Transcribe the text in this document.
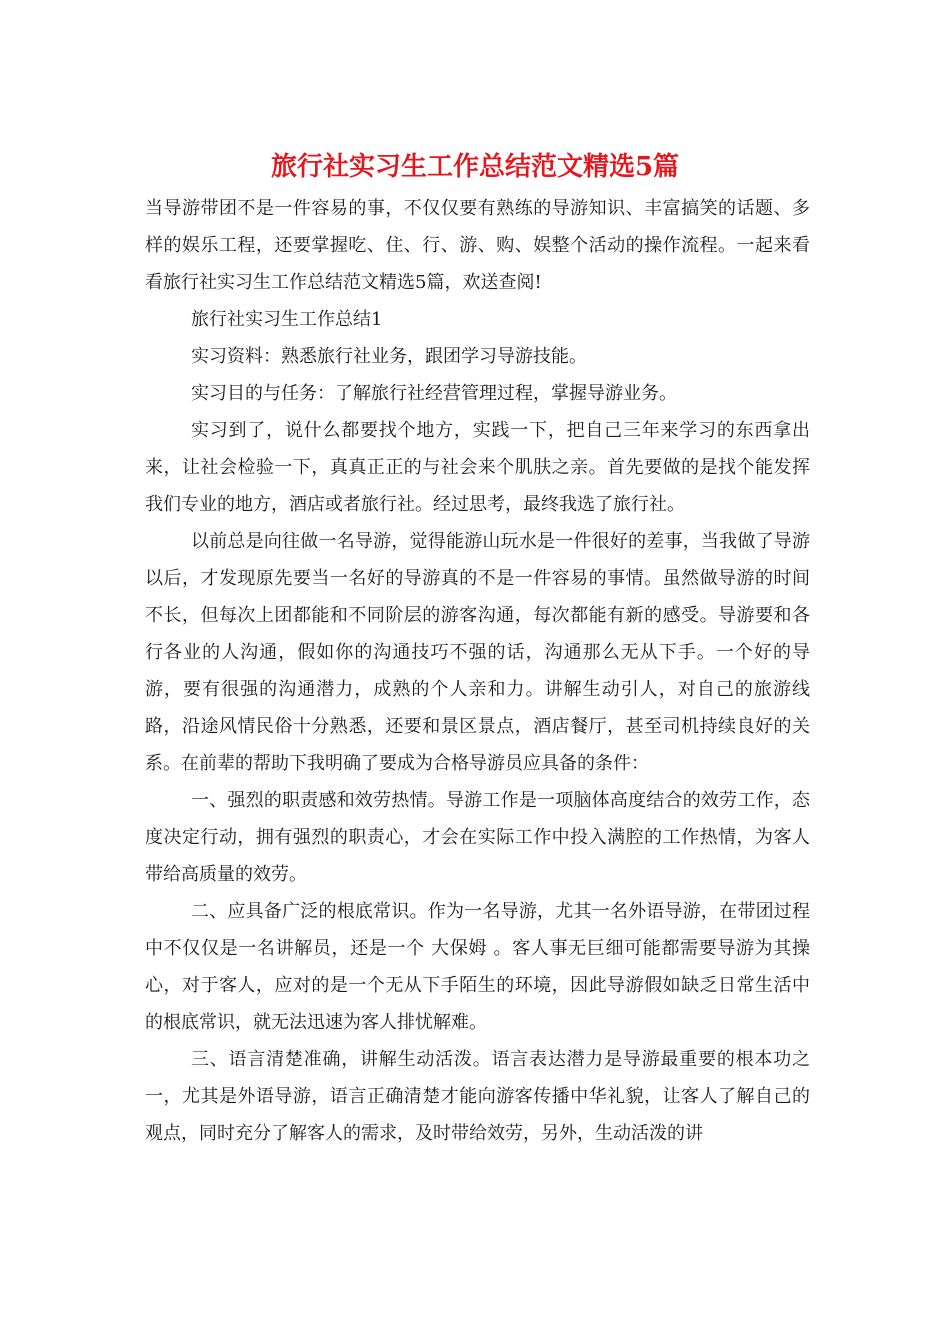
旅行社实习生工作总结范文精选5篇

当导游带团不是一件容易的事，不仅仅要有熟练的导游知识、丰富搞笑的话题、多样的娱乐工程，还要掌握吃、住、行、游、购、娱整个活动的操作流程。一起来看看旅行社实习生工作总结范文精选5篇，欢送查阅!

旅行社实习生工作总结1

实习资料：熟悉旅行社业务，跟团学习导游技能。

实习目的与任务：了解旅行社经营管理过程，掌握导游业务。

实习到了，说什么都要找个地方，实践一下，把自己三年来学习的东西拿出来，让社会检验一下，真真正正的与社会来个肌肤之亲。首先要做的是找个能发挥我们专业的地方，酒店或者旅行社。经过思考，最终我选了旅行社。

以前总是向往做一名导游，觉得能游山玩水是一件很好的差事，当我做了导游以后，才发现原先要当一名好的导游真的不是一件容易的事情。虽然做导游的时间不长，但每次上团都能和不同阶层的游客沟通，每次都能有新的感受。导游要和各行各业的人沟通，假如你的沟通技巧不强的话，沟通那么无从下手。一个好的导游，要有很强的沟通潜力，成熟的个人亲和力。讲解生动引人，对自己的旅游线路，沿途风情民俗十分熟悉，还要和景区景点，酒店餐厅，甚至司机持续良好的关系。在前辈的帮助下我明确了要成为合格导游员应具备的条件：

一、强烈的职责感和效劳热情。导游工作是一项脑体高度结合的效劳工作，态度决定行动，拥有强烈的职责心，才会在实际工作中投入满腔的工作热情，为客人带给高质量的效劳。

二、应具备广泛的根底常识。作为一名导游，尤其一名外语导游，在带团过程中不仅仅是一名讲解员，还是一个 大保姆 。客人事无巨细可能都需要导游为其操心，对于客人，应对的是一个无从下手陌生的环境，因此导游假如缺乏日常生活中的根底常识，就无法迅速为客人排忧解难。

三、语言清楚准确，讲解生动活泼。语言表达潜力是导游最重要的根本功之一，尤其是外语导游，语言正确清楚才能向游客传播中华礼貌，让客人了解自己的观点，同时充分了解客人的需求，及时带给效劳，另外，生动活泼的讲
